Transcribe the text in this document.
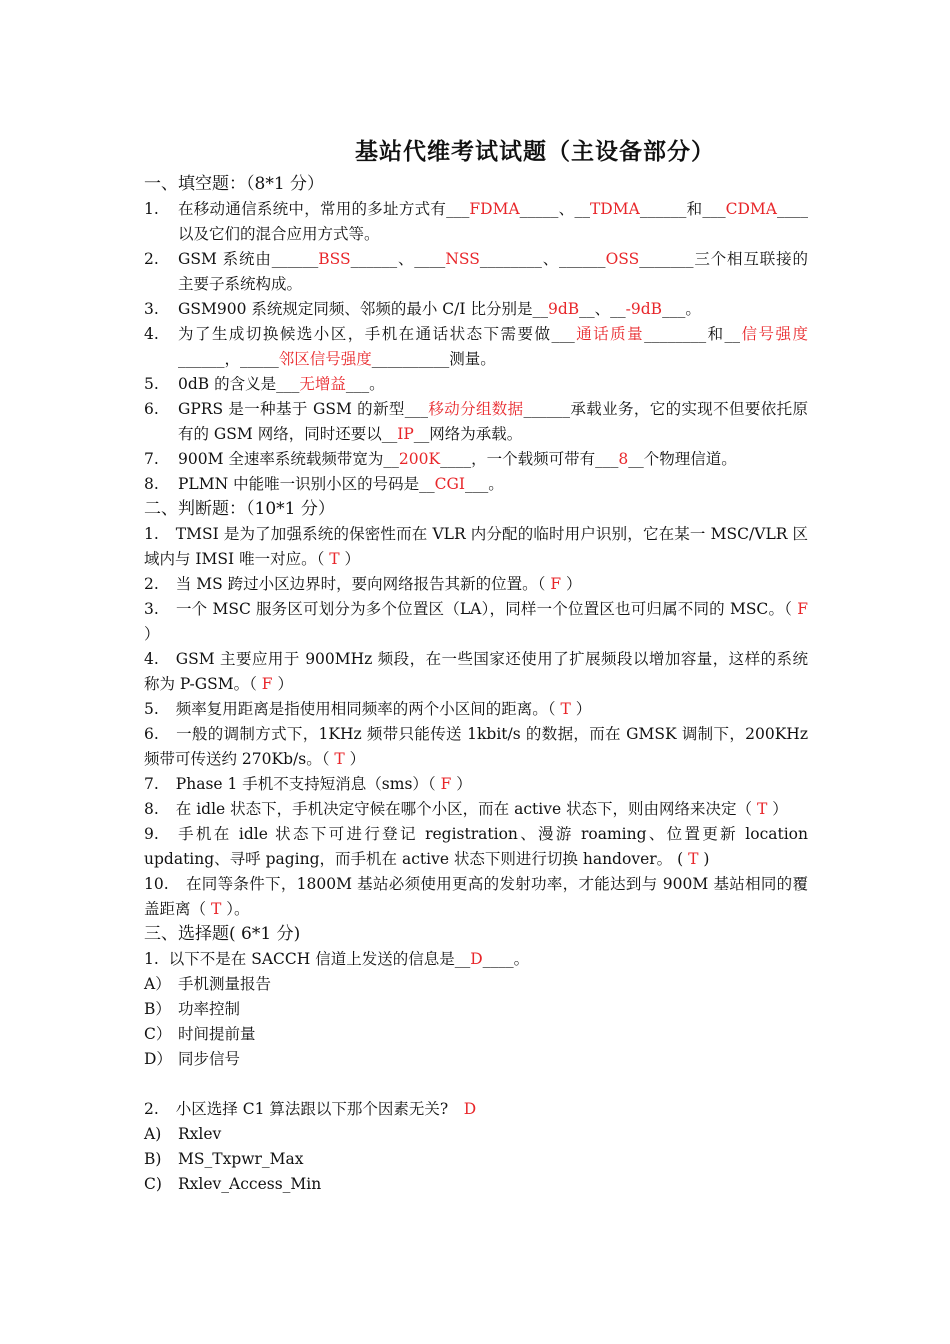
基站代维考试试题（主设备部分）
一、填空题：（8*1 分）
1. 在移动通信系统中，常用的多址方式有___FDMA_____、__TDMA______和___CDMA____以及它们的混合应用方式等。
2. GSM 系统由______BSS______、____NSS________、______OSS_______三个相互联接的主要子系统构成。
3. GSM900 系统规定同频、邻频的最小 C/I 比分别是__9dB__、__-9dB___。
4. 为了生成切换候选小区，手机在通话状态下需要做___通话质量________和__信号强度______，_____邻区信号强度__________测量。
5. 0dB 的含义是___无增益___。
6. GPRS 是一种基于 GSM 的新型___移动分组数据______承载业务，它的实现不但要依托原有的 GSM 网络，同时还要以__IP__网络为承载。
7. 900M 全速率系统载频带宽为__200K____，一个载频可带有___8__个物理信道。
8. PLMN 中能唯一识别小区的号码是__CGI___。
二、判断题：（10*1 分）
1. TMSI 是为了加强系统的保密性而在 VLR 内分配的临时用户识别，它在某一 MSC/VLR 区域内与 IMSI 唯一对应。（ T ）
2. 当 MS 跨过小区边界时，要向网络报告其新的位置。（ F ）
3. 一个 MSC 服务区可划分为多个位置区（LA），同样一个位置区也可归属不同的 MSC。（ F ）
4. GSM 主要应用于 900MHz 频段，在一些国家还使用了扩展频段以增加容量，这样的系统称为 P-GSM。（ F ）
5. 频率复用距离是指使用相同频率的两个小区间的距离。（ T ）
6. 一般的调制方式下，1KHz 频带只能传送 1kbit/s 的数据，而在 GMSK 调制下，200KHz 频带可传送约 270Kb/s。（ T ）
7. Phase 1 手机不支持短消息（sms）（ F ）
8. 在 idle 状态下，手机决定守候在哪个小区，而在 active 状态下，则由网络来决定（ T ）
9. 手机在 idle 状态下可进行登记 registration、漫游 roaming、位置更新 location updating、寻呼 paging，而手机在 active 状态下则进行切换 handover。 ( T )
10. 在同等条件下，1800M 基站必须使用更高的发射功率，才能达到与 900M 基站相同的覆盖距离（ T ）。
三、选择题( 6*1 分)
1. 以下不是在 SACCH 信道上发送的信息是__D____。
A） 手机测量报告
B） 功率控制
C） 时间提前量
D） 同步信号
2. 小区选择 C1 算法跟以下那个因素无关?　D
A) Rxlev
B) MS_Txpwr_Max
C) Rxlev_Access_Min
